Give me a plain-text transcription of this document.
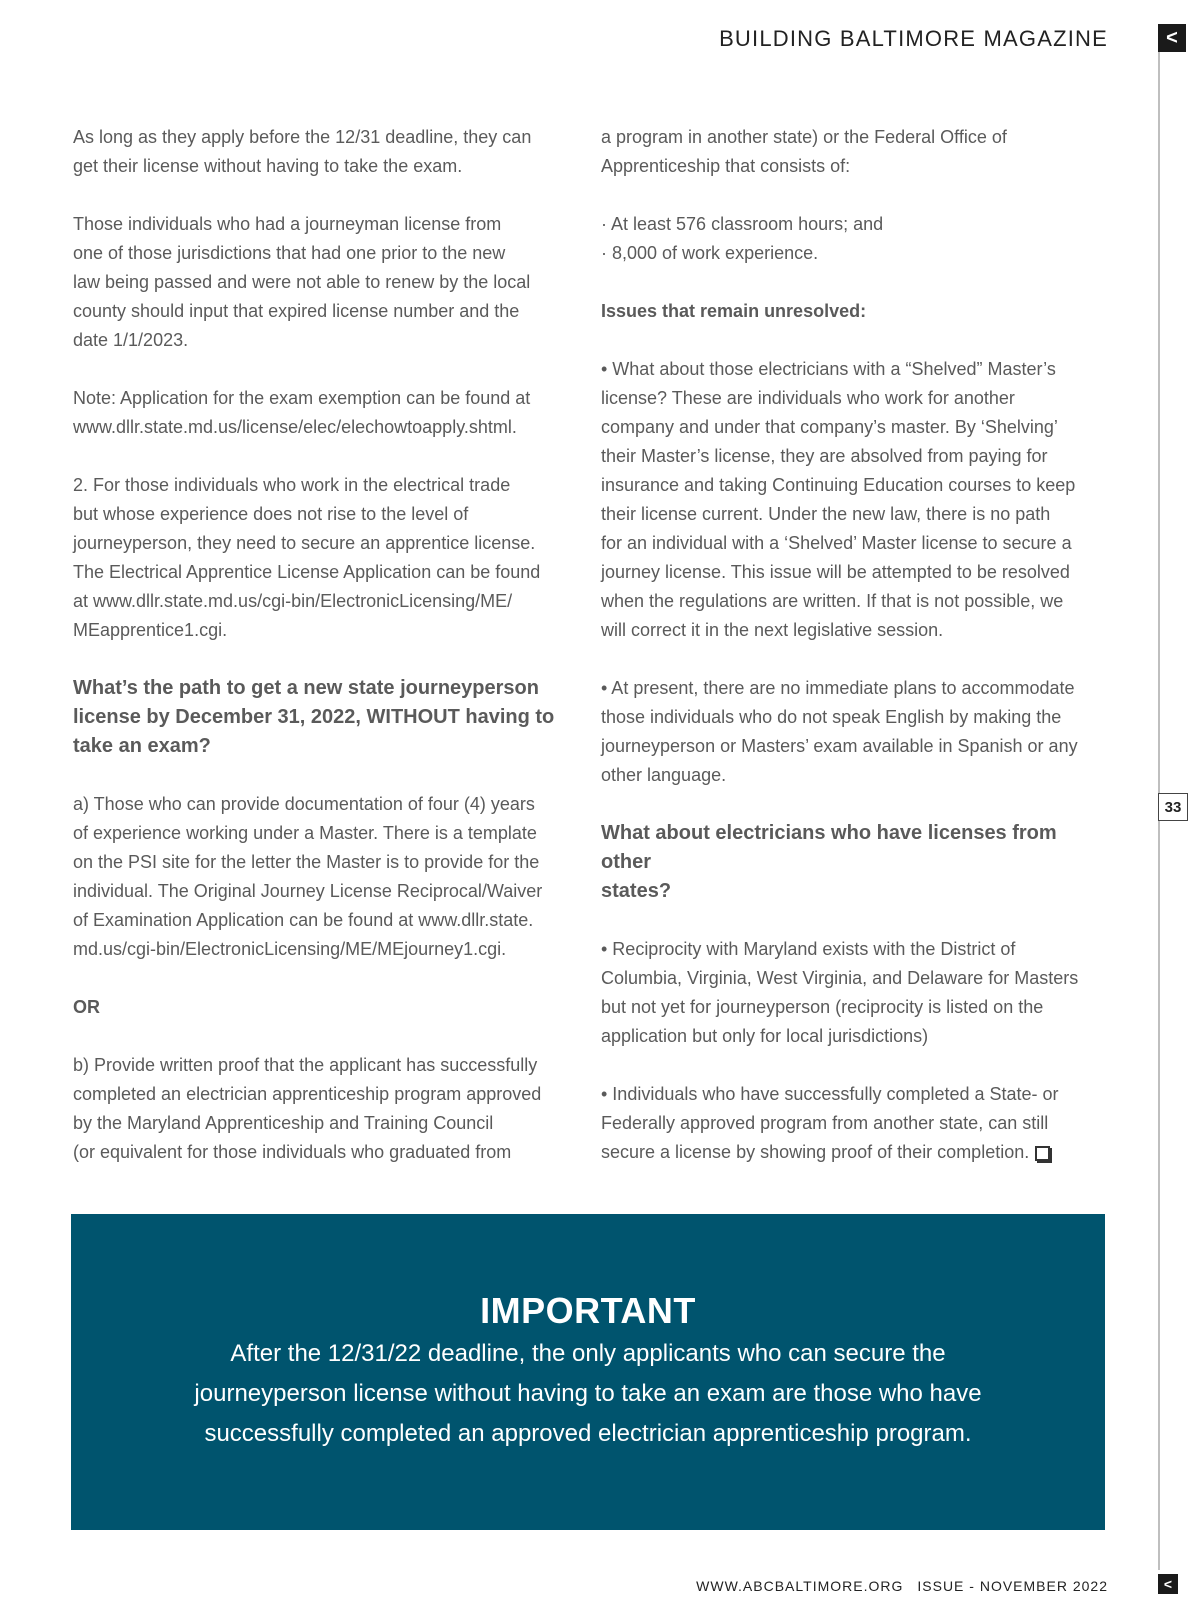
BUILDING BALTIMORE MAGAZINE	<
33

As long as they apply before the 12/31 deadline, they can
get their license without having to take the exam.

Those individuals who had a journeyman license from
one of those jurisdictions that had one prior to the new
law being passed and were not able to renew by the local
county should input that expired license number and the
date 1/1/2023.

Note: Application for the exam exemption can be found at
www.dllr.state.md.us/license/elec/elechowtoapply.shtml.

2. For those individuals who work in the electrical trade
but whose experience does not rise to the level of
journeyperson, they need to secure an apprentice license.
The Electrical Apprentice License Application can be found
at www.dllr.state.md.us/cgi-bin/ElectronicLicensing/ME/
MEapprentice1.cgi.

What’s the path to get a new state journeyperson
license by December 31, 2022, WITHOUT having to
take an exam?

a) Those who can provide documentation of four (4) years
of experience working under a Master. There is a template
on the PSI site for the letter the Master is to provide for the
individual. The Original Journey License Reciprocal/Waiver
of Examination Application can be found at www.dllr.state.
md.us/cgi-bin/ElectronicLicensing/ME/MEjourney1.cgi.

OR

b) Provide written proof that the applicant has successfully
completed an electrician apprenticeship program approved
by the Maryland Apprenticeship and Training Council
(or equivalent for those individuals who graduated from

a program in another state) or the Federal Office of
Apprenticeship that consists of:

· At least 576 classroom hours; and
· 8,000 of work experience.

Issues that remain unresolved:

• What about those electricians with a “Shelved” Master’s
license? These are individuals who work for another
company and under that company’s master. By ‘Shelving’
their Master’s license, they are absolved from paying for
insurance and taking Continuing Education courses to keep
their license current. Under the new law, there is no path
for an individual with a ‘Shelved’ Master license to secure a
journey license. This issue will be attempted to be resolved
when the regulations are written. If that is not possible, we
will correct it in the next legislative session.

• At present, there are no immediate plans to accommodate
those individuals who do not speak English by making the
journeyperson or Masters’ exam available in Spanish or any
other language.

What about electricians who have licenses from other
states?

• Reciprocity with Maryland exists with the District of
Columbia, Virginia, West Virginia, and Delaware for Masters
but not yet for journeyperson (reciprocity is listed on the
application but only for local jurisdictions)

• Individuals who have successfully completed a State- or
Federally approved program from another state, can still
secure a license by showing proof of their completion.

IMPORTANT

After the 12/31/22 deadline, the only applicants who can secure the
journeyperson license without having to take an exam are those who have
successfully completed an approved electrician apprenticeship program.

WWW.ABCBALTIMORE.ORG ISSUE - NOVEMBER 2022	<
